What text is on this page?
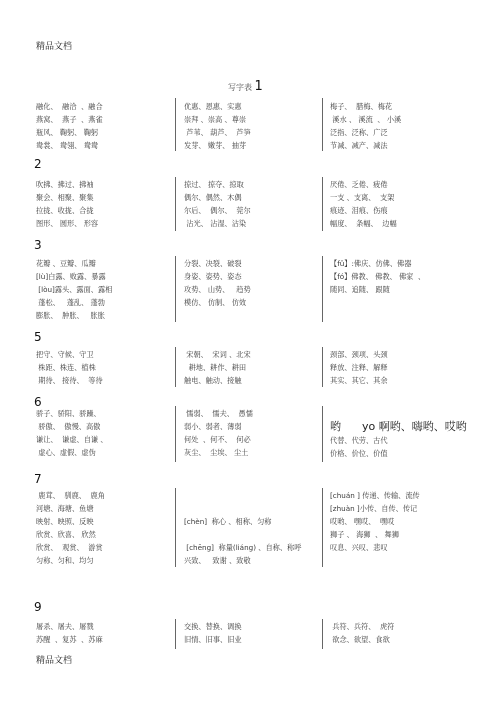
精品文档
写字表 1
融化、  融洽  、融合
燕窝、  燕子  、燕雀
瓶风、 鞠躬、 鞠躬
鸯裳、 鸯翎、 鸯鸯
优惠、恩惠、实惠
崇拜 、崇高 、尊崇
芦苇、 葫芦、  芦笋
发芽、 嫩芽、 抽芽
梅子、  腊梅、梅花
溪水 、 溪流  、 小溪
泛指、泛称、广泛
节减、减产、减法
2
吹拂、拂过、拂袖
聚会、相聚、聚集
拉拢、收拢、合拢
图形、 圆形、 形容
掠过、 掠夺、掠取
偶尔、偶然、木偶
尔后、  偶尔、  莞尔
沾光、 沾湿、沾染
厌倦、乏倦、疲倦
一支 、支离、  支架
痕迹、泪痕、伤痕
幅度、  条幅、  边幅
3
花瓣 、豆瓣、瓜瓣
[lù]白露、败露、暴露
[lòu]露头、露面、露相
蓬松、   蓬乱、 蓬勃
膨胀、  肿胀、   胀胀
分裂、决裂、破裂
身姿、姿势、姿态
攻势、 山势、   趋势
模仿、 仿制、 仿效
【fǔ】:佛庆、仿佛、佛器
【fó】佛教、 佛教、 佛家  、
随同、追随、 跟随
5
把守、守候、守卫
株距、株连、植株
期待、 接待、  等待
宋朝、  宋词 、北宋
耕地、耕作、耕田
触电、触动、接触
颈部、颈项、头颈
释放、注释、解释
其实、其它、其余
6
骄子、骄阳、骄躁、
骄傲、  傲慢、高傲
谦让、  谦虚、自谦 、
虚心、虚假、虚伪
懦弱、  懦夫、  愚懦
弱小、弱者、薄弱
何处  、何不、  何必
灰尘、  尘埃、 尘土

哟      yo 啊哟、嗨哟、哎哟
代替、代劳、古代
价格、价位、价值
7
鹿茸、  驯鹿、  鹿角
河塘、海塘、鱼塘
映射、映照、反映
欣赏、欣喜、 欣然
欣赏、  观赏、  游赏
匀称、匀和、均匀

[chèn]  称心 、相称、匀称

[chēng]  称量(liáng) 、自称、称呼
兴致、   致谢 、致敬
[chuán ] 传递、传输、流传
[zhuàn ]小传、自传、传记
哎哟、 嘿哎、  嘿哎
狮子 、 海狮  、 舞狮
叹息、兴叹、悲叹
9
屠杀、屠夫、屠戮
苏醒  、复苏  、苏麻
交换、替换、调换
旧情、旧事、旧业
兵符、兵符、  虎符
欲念、欲望、食欲
精品文档
